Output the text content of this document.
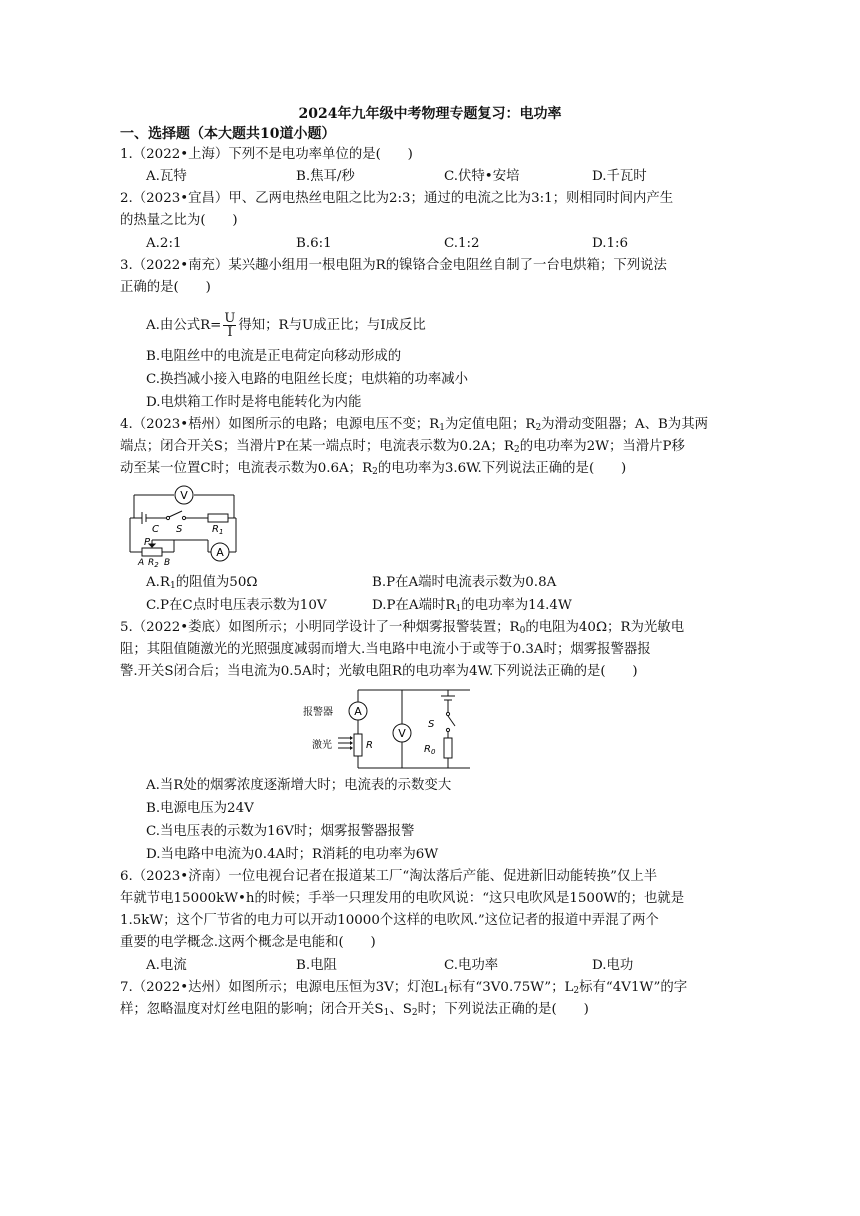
2024年九年级中考物理专题复习：电功率
一、选择题（本大题共10道小题）
1.（2022•上海）下列不是电功率单位的是(　　)
A.瓦特	B.焦耳/秒	C.伏特•安培	D.千瓦时
2.（2023•宜昌）甲、乙两电热丝电阻之比为2:3；通过的电流之比为3:1；则相同时间内产生
的热量之比为(　　)
A.2:1	B.6:1	C.1:2	D.1:6
3.（2022•南充）某兴趣小组用一根电阻为R的镍铬合金电阻丝自制了一台电烘箱；下列说法
正确的是(　　)
A.由公式$R= \frac{U}{I}$ 得知；R与U成正比；与I成反比
B.电阻丝中的电流是正电荷定向移动形成的
C.换挡减小接入电路的电阻丝长度；电烘箱的功率减小
D.电烘箱工作时是将电能转化为内能
4.（2023•梧州）如图所示的电路；电源电压不变；$R_1$为定值电阻；$R_2$为滑动变阻器；A、B为其两
端点；闭合开关S；当滑片P在某一端点时；电流表示数为0.2A；$R_2$的电功率为2W；当滑片P移
动至某一位置C时；电流表示数为0.6A；$R_2$的电功率为3.6W.下列说法正确的是(　　)
V
A
S	$R_1$
C
P
A $R_2$ B
$A.R_1$的阻值为50Ω	B.P在A端时电流表示数为0.8A
C.P在C点时电压表示数为10V	D.P在A端时$R_1$的电功率为14.4W
5.（2022•娄底）如图所示；小明同学设计了一种烟雾报警装置；$R_0$的电阻为40Ω；R为光敏电
阻；其阻值随激光的光照强度减弱而增大.当电路中电流小于或等于0.3A时；烟雾报警器报
警.开关S闭合后；当电流为0.5A时；光敏电阻R的电功率为4W.下列说法正确的是(　　)
报警器 A
V
激光	R
S
$R_0$
A.当R处的烟雾浓度逐渐增大时；电流表的示数变大
B.电源电压为24V
C.当电压表的示数为16V时；烟雾报警器报警
D.当电路中电流为0.4A时；R消耗的电功率为6W
6.（2023•济南）一位电视台记者在报道某工厂“淘汰落后产能、促进新旧动能转换”仅上半
年就节电15000kW•h的时候；手举一只理发用的电吹风说：“这只电吹风是1500W的；也就是
1.5kW；这个厂节省的电力可以开动10000个这样的电吹风.”这位记者的报道中弄混了两个
重要的电学概念.这两个概念是电能和(　　)
A.电流	B.电阻	C.电功率	D.电功
7.（2022•达州）如图所示；电源电压恒为3V；灯泡$L_1$标有“3V0.75W”；$L_2$标有“4V1W”的字
样；忽略温度对灯丝电阻的影响；闭合开关$S_1$、$S_2$时；下列说法正确的是(　　)
